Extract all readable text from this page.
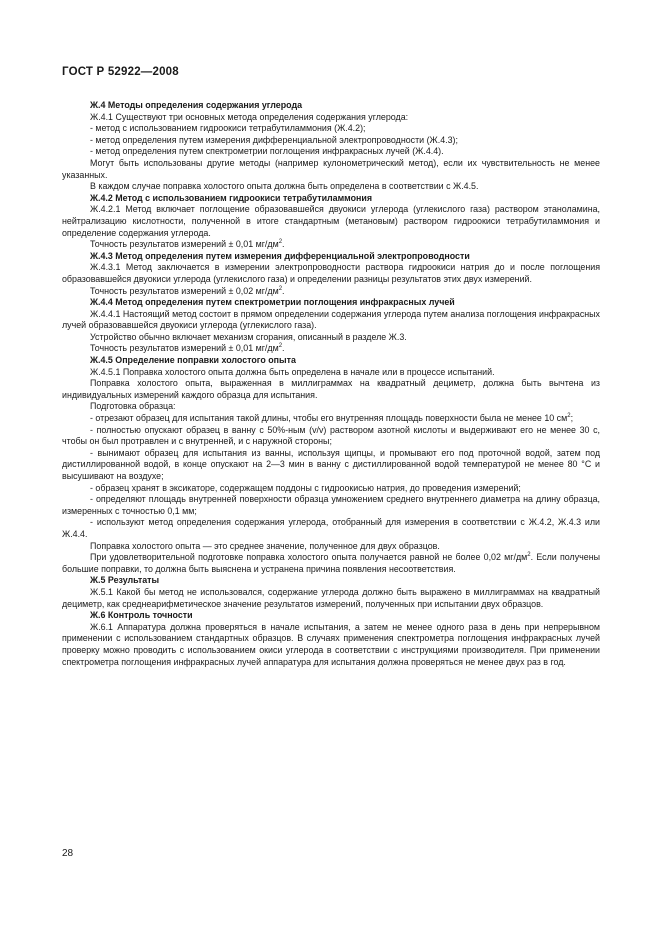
ГОСТ Р 52922—2008
Ж.4 Методы определения содержания углерода
Ж.4.1 Существуют три основных метода определения содержания углерода:
- метод с использованием гидроокиси тетрабутиламмония (Ж.4.2);
- метод определения путем измерения дифференциальной электропроводности (Ж.4.3);
- метод определения путем спектрометрии поглощения инфракрасных лучей (Ж.4.4).
Могут быть использованы другие методы (например кулонометрический метод), если их чувствительность не менее указанных.
В каждом случае поправка холостого опыта должна быть определена в соответствии с Ж.4.5.
Ж.4.2 Метод с использованием гидроокиси тетрабутиламмония
Ж.4.2.1 Метод включает поглощение образовавшейся двуокиси углерода (углекислого газа) раствором этаноламина, нейтрализацию кислотности, полученной в итоге стандартным (метановым) раствором гидроокиси тетрабутиламмония и определение содержания углерода.
Точность результатов измерений ± 0,01 $мг/дм^2$.
Ж.4.3 Метод определения путем измерения дифференциальной электропроводности
Ж.4.3.1 Метод заключается в измерении электропроводности раствора гидроокиси натрия до и после поглощения образовавшейся двуокиси углерода (углекислого газа) и определении разницы результатов этих двух измерений.
Точность результатов измерений ± 0,02 $мг/дм^2$.
Ж.4.4 Метод определения путем спектрометрии поглощения инфракрасных лучей
Ж.4.4.1 Настоящий метод состоит в прямом определении содержания углерода путем анализа поглощения инфракрасных лучей образовавшейся двуокиси углерода (углекислого газа).
Устройство обычно включает механизм сгорания, описанный в разделе Ж.3.
Точность результатов измерений ± 0,01 $мг/дм^2$.
Ж.4.5 Определение поправки холостого опыта
Ж.4.5.1 Поправка холостого опыта должна быть определена в начале или в процессе испытаний.
Поправка холостого опыта, выраженная в миллиграммах на квадратный дециметр, должна быть вычтена из индивидуальных измерений каждого образца для испытания.
Подготовка образца:
- отрезают образец для испытания такой длины, чтобы его внутренняя площадь поверхности была не менее 10 $см^2$;
- полностью опускают образец в ванну с 50%-ным (v/v) раствором азотной кислоты и выдерживают его не менее 30 с, чтобы он был протравлен и с внутренней, и с наружной стороны;
- вынимают образец для испытания из ванны, используя щипцы, и промывают его под проточной водой, затем под дистиллированной водой, в конце опускают на 2—3 мин в ванну с дистиллированной водой температурой не менее 80 °С и высушивают на воздухе;
- образец хранят в эксикаторе, содержащем поддоны с гидроокисью натрия, до проведения измерений;
- определяют площадь внутренней поверхности образца умножением среднего внутреннего диаметра на длину образца, измеренных с точностью 0,1 мм;
- используют метод определения содержания углерода, отобранный для измерения в соответствии с Ж.4.2, Ж.4.3 или Ж.4.4.
Поправка холостого опыта — это среднее значение, полученное для двух образцов.
При удовлетворительной подготовке поправка холостого опыта получается равной не более 0,02 $мг/дм^2$. Если получены большие поправки, то должна быть выяснена и устранена причина появления несоответствия.
Ж.5 Результаты
Ж.5.1 Какой бы метод не использовался, содержание углерода должно быть выражено в миллиграммах на квадратный дециметр, как среднеарифметическое значение результатов измерений, полученных при испытании двух образцов.
Ж.6 Контроль точности
Ж.6.1 Аппаратура должна проверяться в начале испытания, а затем не менее одного раза в день при непрерывном применении с использованием стандартных образцов. В случаях применения спектрометра поглощения инфракрасных лучей проверку можно проводить с использованием окиси углерода в соответствии с инструкциями производителя. При применении спектрометра поглощения инфракрасных лучей аппаратура для испытания должна проверяться не менее двух раз в год.
28
